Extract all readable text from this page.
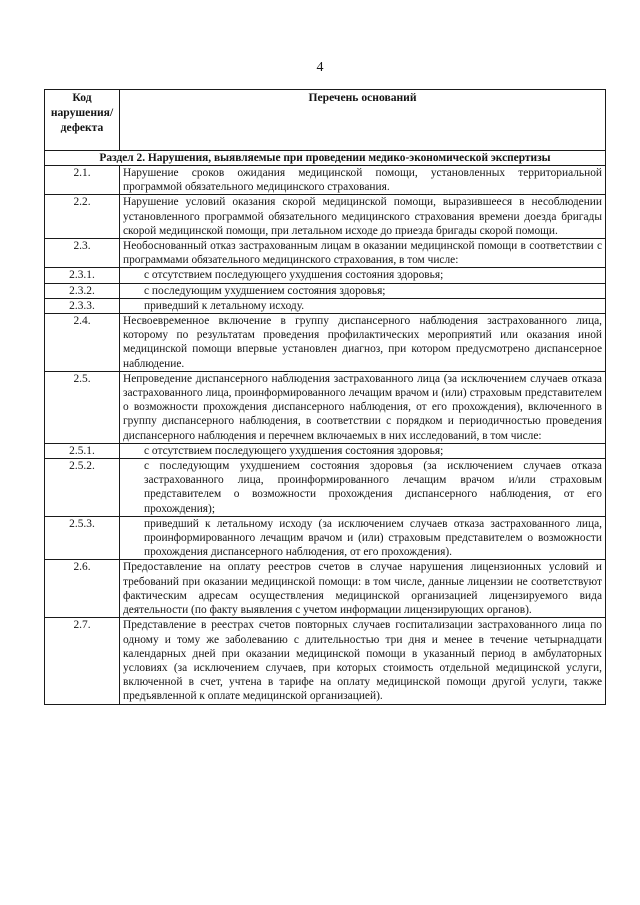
4
Код нарушения/ дефекта	Перечень оснований

Раздел 2. Нарушения, выявляемые при проведении медико-экономической экспертизы	
2.1.	Нарушение сроков ожидания медицинской помощи, установленных территориальной программой обязательного медицинского страхования.
2.2.	Нарушение условий оказания скорой медицинской помощи, выразившееся в несоблюдении установленного программой обязательного медицинского страхования времени доезда бригады скорой медицинской помощи, при летальном исходе до приезда бригады скорой помощи.
2.3.	Необоснованный отказ застрахованным лицам в оказании медицинской помощи в соответствии с программами обязательного медицинского страхования, в том числе:
2.3.1.	с отсутствием последующего ухудшения состояния здоровья;
2.3.2.	с последующим ухудшением состояния здоровья;
2.3.3.	приведший к летальному исходу.
2.4.	Несвоевременное включение в группу диспансерного наблюдения застрахованного лица, которому по результатам проведения профилактических мероприятий или оказания иной медицинской помощи впервые установлен диагноз, при котором предусмотрено диспансерное наблюдение.
2.5.	Непроведение диспансерного наблюдения застрахованного лица (за исключением случаев отказа застрахованного лица, проинформированного лечащим врачом и (или) страховым представителем о возможности прохождения диспансерного наблюдения, от его прохождения), включенного в группу диспансерного наблюдения, в соответствии с порядком и периодичностью проведения диспансерного наблюдения и перечнем включаемых в них исследований, в том числе:
2.5.1.	с отсутствием последующего ухудшения состояния здоровья;
2.5.2.	с последующим ухудшением состояния здоровья (за исключением случаев отказа застрахованного лица, проинформированного лечащим врачом и/или страховым представителем о возможности прохождения диспансерного наблюдения, от его прохождения);
2.5.3.	приведший к летальному исходу (за исключением случаев отказа застрахованного лица, проинформированного лечащим врачом и (или) страховым представителем о возможности прохождения диспансерного наблюдения, от его прохождения).
2.6.	Предоставление на оплату реестров счетов в случае нарушения лицензионных условий и требований при оказании медицинской помощи: в том числе, данные лицензии не соответствуют фактическим адресам осуществления медицинской организацией лицензируемого вида деятельности (по факту выявления с учетом информации лицензирующих органов).
2.7.	Представление в реестрах счетов повторных случаев госпитализации застрахованного лица по одному и тому же заболеванию с длительностью три дня и менее в течение четырнадцати календарных дней при оказании медицинской помощи в указанный период в амбулаторных условиях (за исключением случаев, при которых стоимость отдельной медицинской услуги, включенной в счет, учтена в тарифе на оплату медицинской помощи другой услуги, также предъявленной к оплате медицинской организацией).
